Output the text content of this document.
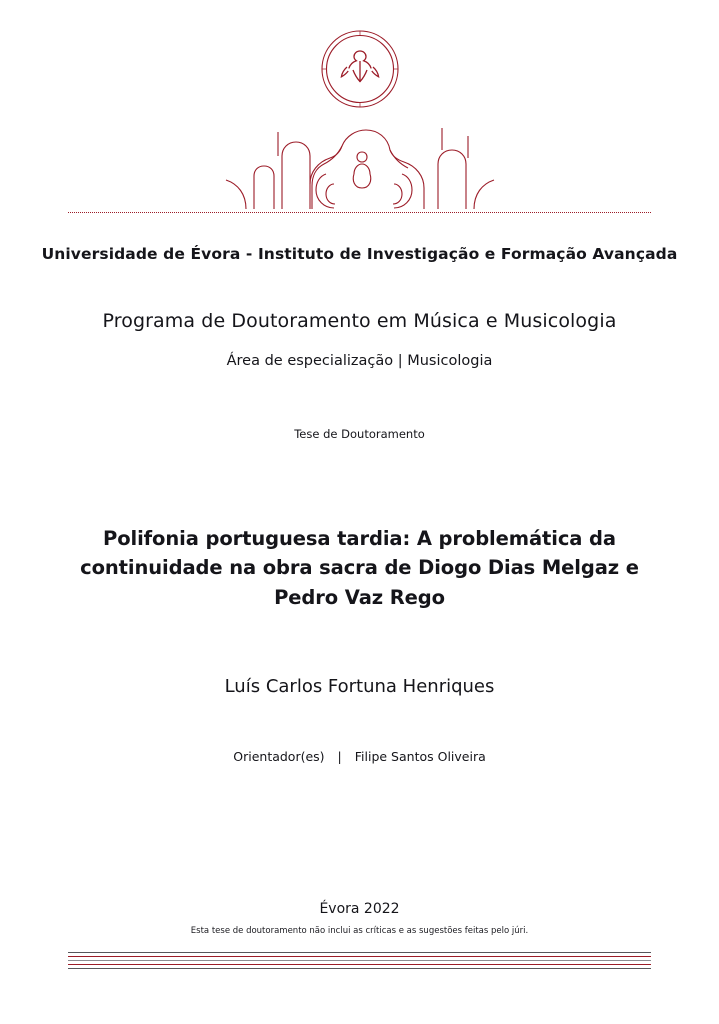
Universidade de Évora - Instituto de Investigação e Formação Avançada
Programa de Doutoramento em Música e Musicologia
Área de especialização | Musicologia
Tese de Doutoramento
Polifonia portuguesa tardia: A problemática da continuidade na obra sacra de Diogo Dias Melgaz e Pedro Vaz Rego
Luís Carlos Fortuna Henriques
Orientador(es) | Filipe Santos Oliveira
Évora 2022
Esta tese de doutoramento não inclui as críticas e as sugestões feitas pelo júri.
